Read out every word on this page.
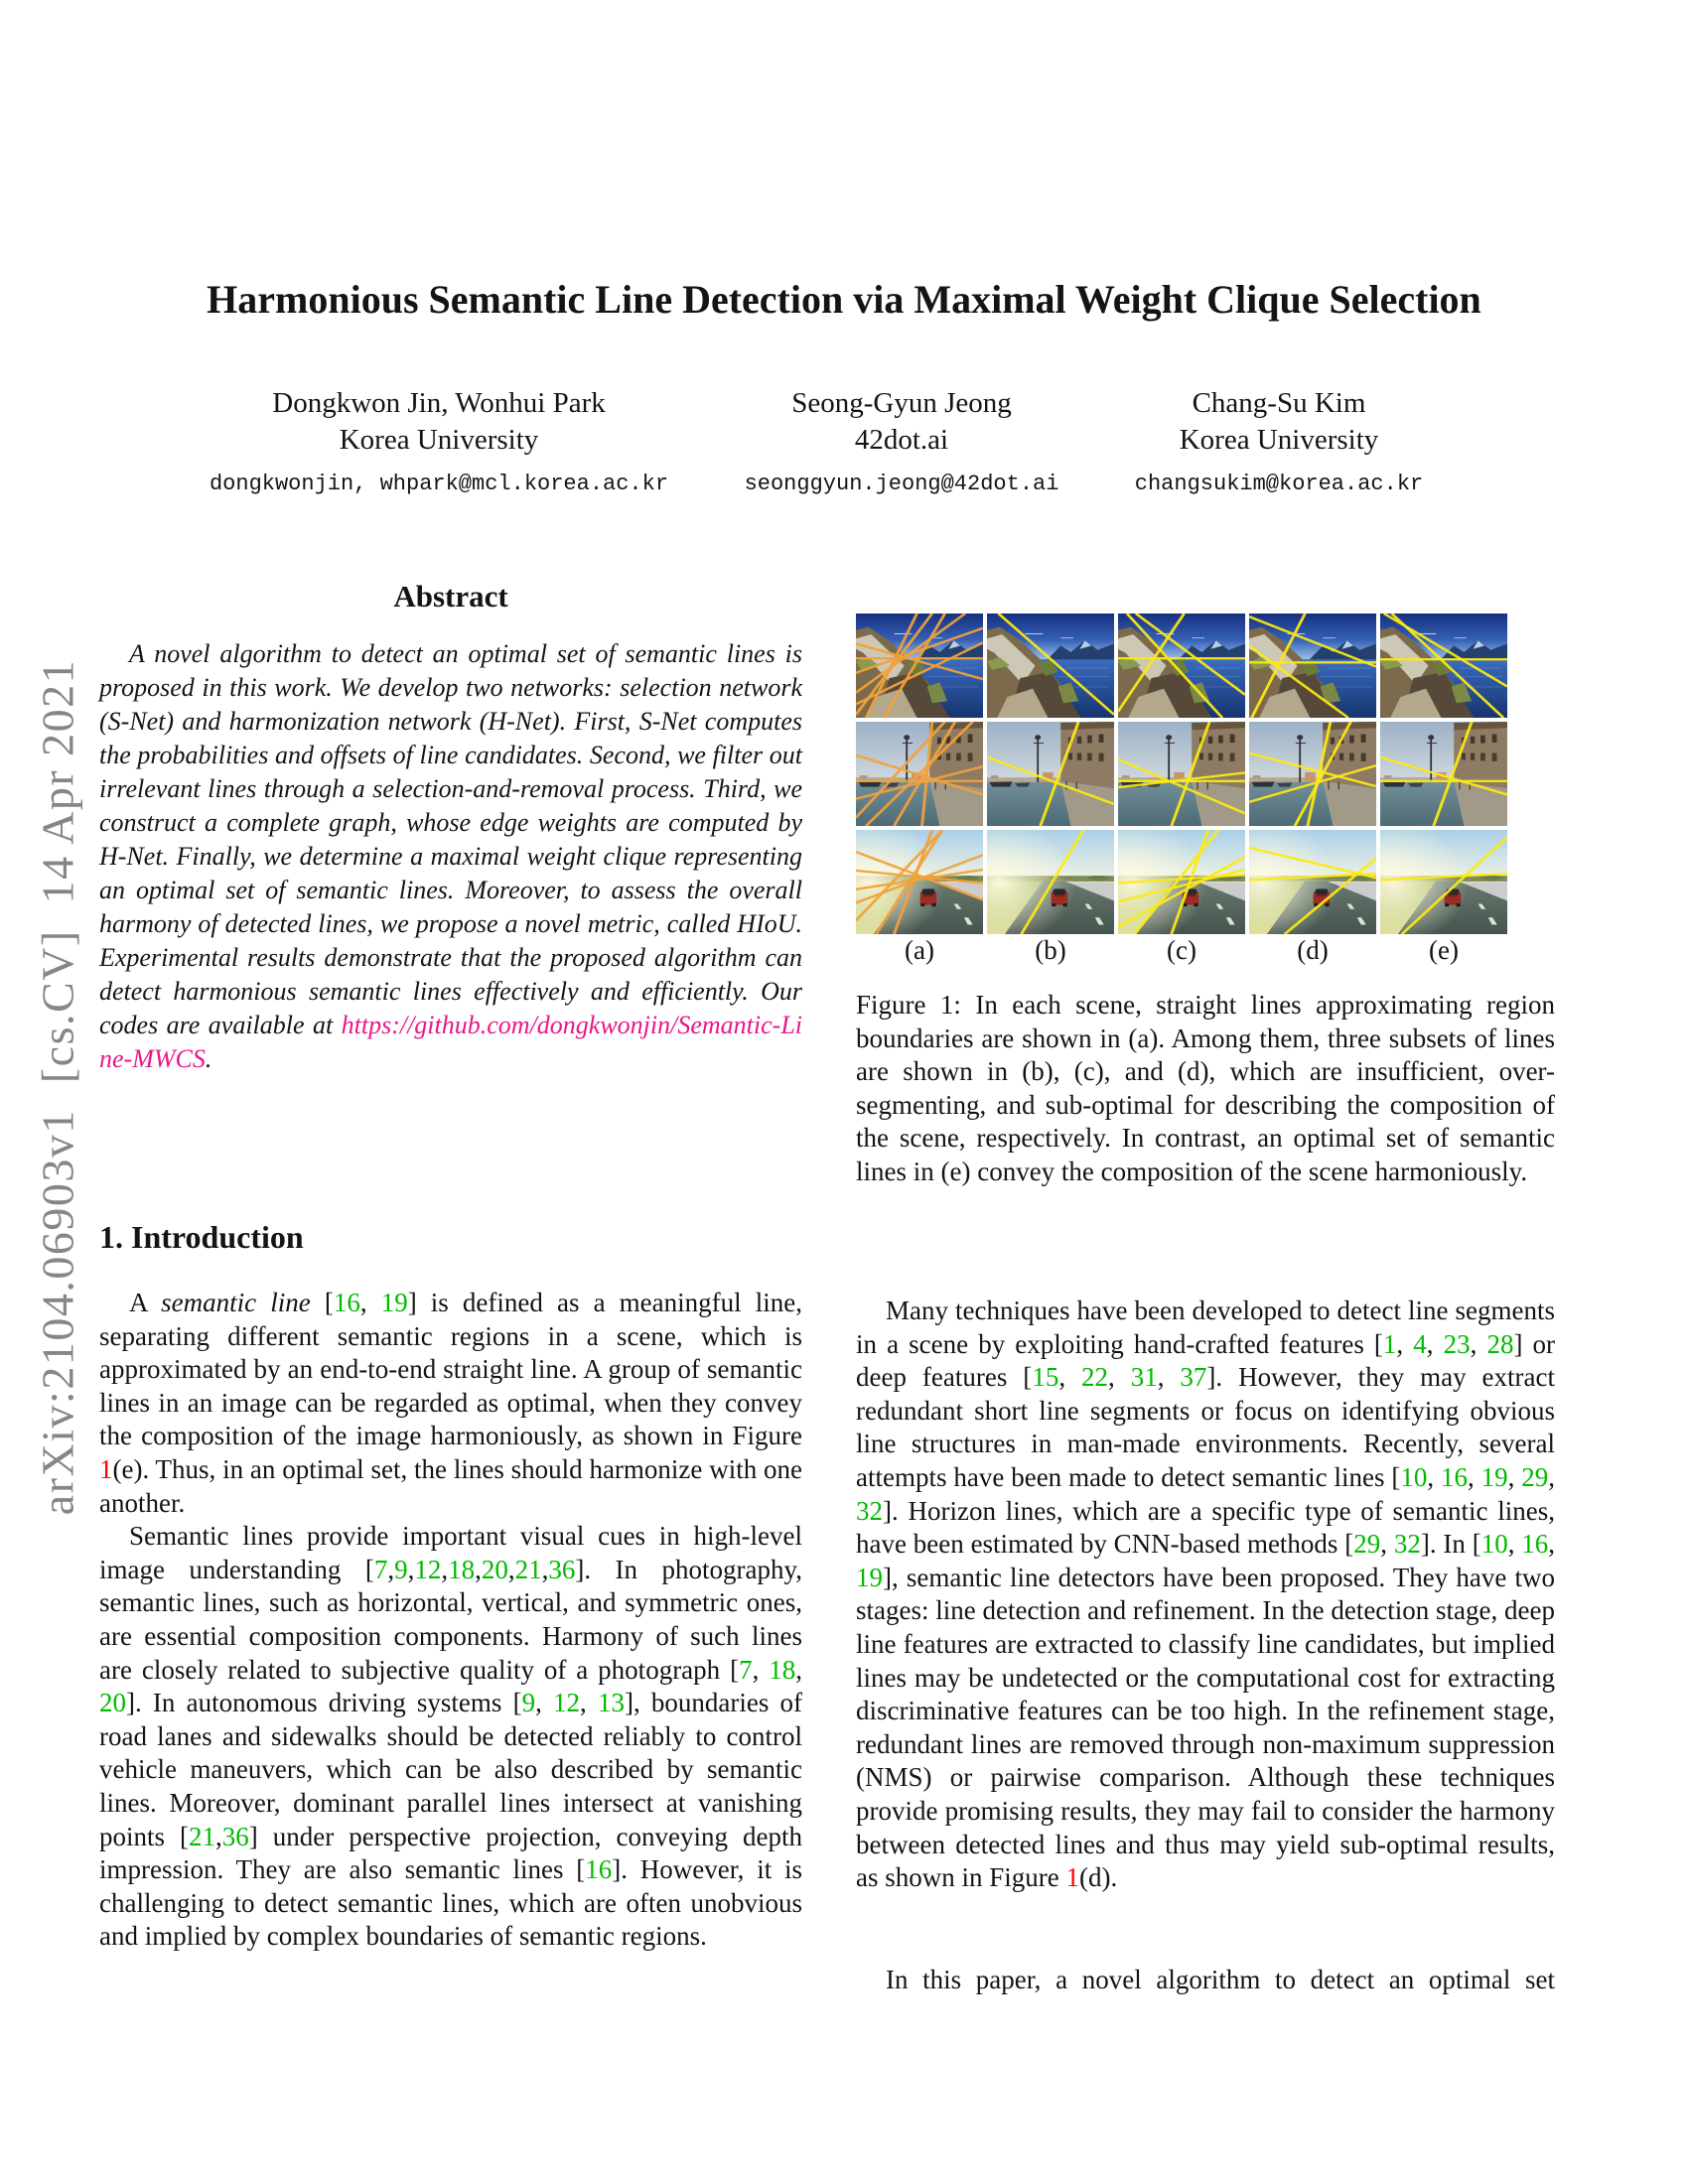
arXiv:2104.06903v1  [cs.CV]  14 Apr 2021
Harmonious Semantic Line Detection via Maximal Weight Clique Selection
Dongkwon Jin, Wonhui Park
Korea University
dongkwonjin, whpark@mcl.korea.ac.kr
Seong-Gyun Jeong
42dot.ai
seonggyun.jeong@42dot.ai
Chang-Su Kim
Korea University
changsukim@korea.ac.kr
Abstract
A novel algorithm to detect an optimal set of semantic lines is proposed in this work. We develop two networks: selection network (S-Net) and harmonization network (H-Net). First, S-Net computes the probabilities and offsets of line candidates. Second, we filter out irrelevant lines through a selection-and-removal process. Third, we construct a complete graph, whose edge weights are computed by H-Net. Finally, we determine a maximal weight clique representing an optimal set of semantic lines. Moreover, to assess the overall harmony of detected lines, we propose a novel metric, called HIoU. Experimental results demonstrate that the proposed algorithm can detect harmonious semantic lines effectively and efficiently. Our codes are available at https://github.com/dongkwonjin/Semantic-Line-MWCS.
1. Introduction

A semantic line [16, 19] is defined as a meaningful line, separating different semantic regions in a scene, which is approximated by an end-to-end straight line. A group of semantic lines in an image can be regarded as optimal, when they convey the composition of the image harmoniously, as shown in Figure 1(e). Thus, in an optimal set, the lines should harmonize with one another.

Semantic lines provide important visual cues in high-level image understanding [7,9,12,18,20,21,36]. In photography, semantic lines, such as horizontal, vertical, and symmetric ones, are essential composition components. Harmony of such lines are closely related to subjective quality of a photograph [7, 18, 20]. In autonomous driving systems [9, 12, 13], boundaries of road lanes and sidewalks should be detected reliably to control vehicle maneuvers, which can be also described by semantic lines. Moreover, dominant parallel lines intersect at vanishing points [21,36] under perspective projection, conveying depth impression. They are also semantic lines [16]. However, it is challenging to detect semantic lines, which are often unobvious and implied by complex boundaries of semantic regions.

(a)	(b)	(c)	(d)	(e)
Figure 1: In each scene, straight lines approximating region boundaries are shown in (a). Among them, three subsets of lines are shown in (b), (c), and (d), which are insufficient, over-segmenting, and sub-optimal for describing the composition of the scene, respectively. In contrast, an optimal set of semantic lines in (e) convey the composition of the scene harmoniously.

Many techniques have been developed to detect line segments in a scene by exploiting hand-crafted features [1, 4, 23, 28] or deep features [15, 22, 31, 37]. However, they may extract redundant short line segments or focus on identifying obvious line structures in man-made environments. Recently, several attempts have been made to detect semantic lines [10, 16, 19, 29, 32]. Horizon lines, which are a specific type of semantic lines, have been estimated by CNN-based methods [29, 32]. In [10, 16, 19], semantic line detectors have been proposed. They have two stages: line detection and refinement. In the detection stage, deep line features are extracted to classify line candidates, but implied lines may be undetected or the computational cost for extracting discriminative features can be too high. In the refinement stage, redundant lines are removed through non-maximum suppression (NMS) or pairwise comparison. Although these techniques provide promising results, they may fail to consider the harmony between detected lines and thus may yield sub-optimal results, as shown in Figure 1(d).

In this paper, a novel algorithm to detect an optimal set
